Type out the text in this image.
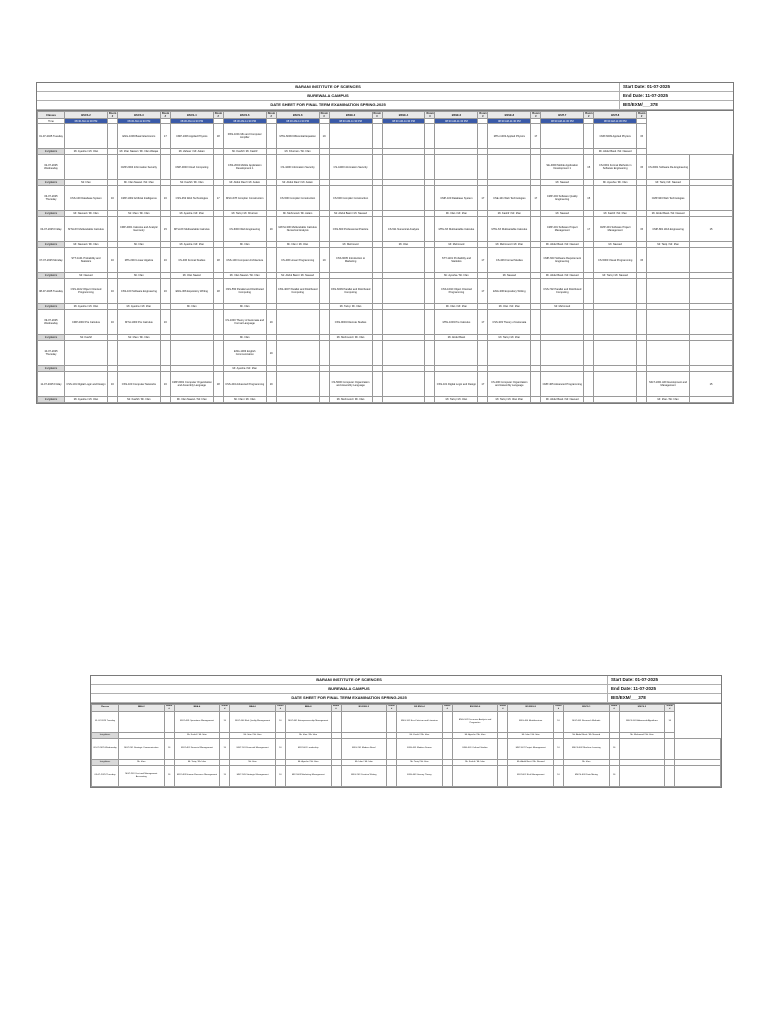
BARANI INSTITUTE OF SCIENCES	Start Date: 01-07-2025
BUREWALA CAMPUS	End Date: 11-07-2025
DATE SHEET FOR FINAL TERM EXAMINATION SPRING-2025	BIS/EXM/___378
Classes	BSCS-2	Room #	BSCS-3	Room #	BSCS-4	Room #	BSCS-6	Room #	BSCS-8	Room #	BSSE-2	Room #	BSSE-4	Room #	BSSE-6	Room #	BSSE-8	Room #	BSIT-7	Room #	BSIT-8	Room #		
Time	08:30 AM-11:30 PM		08:30 AM-11:30 PM		08:30 AM-11:30 PM		08:30 AM-11:30 PM		08:30 AM-11:30 PM		08:30 AM-11:30 PM		08:30 AM-11:30 PM		08:30 AM-11:30 PM		08:30 AM-11:30 PM		08:30 AM-11:30 PM		08:30 AM-11:30 PM			
01-07-2025 Tuesday			ENG-1006 Basic Electronics	17	CMP-1006 Applied Physics	18	DSS-1001 Mis and Computer Ampifier		MTH-6009 Differential Equation	19							MTH-1003 Applied Physics	17			CMP-6009 Applied Physics	15		
Invigilators	Mr. Ayesha / Mr. Irfan		Mr. Irfan Nawaz / Mr. Irfan Waqas		Mr. Zaheer / Mr. Aslam		Mr. Kashif / Mr. Kashif		Mr. Khurram / Mr. Irfan												Mr. Abdul Basit / Mr. Naveed			
02-07-2025 Wednesday			CMP-2004 Information Security		CMP-3003 Cloud Computing		CSS-2004 Mobile Application Development 1		CS-4400 Information Security		CS-4400 Information Security								SE-4009 Mobile Application Development 1	15	CS-6001 Formal Methods in Software Engineering	15	CS-6001 Software Re-Engineering	
Invigilators	Mr. Irfan		Mr. Irfan Nawaz / Mr. Irfan		Mr. Kashif / Mr. Irfan		Mr. Abdul Rauf / Mr. Aslam		Mr. Abdul Rauf / Mr. Aslam										Mr. Naveed		Mr. Ayesha / Mr. Irfan		Mr. Tariq / Mr. Naveed	
03-07-2025 Thursday	CSS-100 Database System	16	CMP-1002 Artificial Intelligence	16	CSS-452 Web Technologies	17	MSC-678 Complier Construction		CS-500 Compiler Construction		CS-500 Compiler Construction				CMP-100 Database System	17	CSE-101 Web Technologies	17	CMP-404 Software Quality Engineering	15			CMP-903 Web Technologies	
Invigilators	Mr. Naveed / Mr. Irfan		Mr. Irfan / Mr. Irfan		Mr. Ayesha / Mr. Irfan		Mr. Tariq / Mr. Khurram		Mr. Mehmood / Mr. Aslam		Mr. Abdul Basit / Mr. Naveed				Mr. Irfan / Mr. Irfan		Mr. Kashif / Mr. Irfan		Mr. Naveed		Mr. Kashif / Mr. Irfan		Mr. Abdul Basit / Mr. Naveed	
04-07-2025 Friday	MTH-6X Multivariable Calculus		CMP-4001 Calculus and Analytic Geometry	15	MTH-6X Multivariable Calculus		CS-6000 Web Engineering	19	MATH-300 Multivariable Calculus Numerical Analysis		CSS-660 Professional Practice		CS-511 Numerical Analysis		MTH-6X Multivariable Calculus		MTH-6X Multivariable Calculus		CMP-401 Software Project Management	17	CMP-401 Software Project Management	15	CMP-801 Web Engineering	15
Invigilators	Mr. Naveed / Mr. Irfan		Mr. Irfan		Mr. Ayesha / Mr. Irfan		Mr. Irfan		Mr. Irfan / Mr. Irfan		Mr. Mehmood		Mr. Irfan		Mr. Mehmood		Mr. Mehmood / Mr. Irfan		Mr. Abdul Basit / Mr. Naveed		Mr. Naveed		Mr. Tariq / Mr. Irfan	
07-07-2025 Monday	STT-1101 Probability and Statistics	16	MTH-603 Linear Algebra	16	CS-406 Formal Studies	18	CSS-100 Computer Architecture		CS-406 Linear Programming	19	CSS-6005 Introduction to Marketing				STT-1101 Probability and Statistics	17	CS-406 Formal Studies		CMP-603 Software Requirement Engineering		CS-5000 Visual Programming	15		
Invigilators	Mr. Naveed		Mr. Irfan		Mr. Irfan Nawaz		Mr. Irfan Nawaz / Mr. Irfan		Mr. Abdul Basit / Mr. Naveed						Mr. Ayesha / Mr. Irfan		Mr. Naveed		Mr. Abdul Basit / Mr. Naveed		Mr. Tariq / Mr. Naveed			
08-07-2025 Tuesday	CSS-1102 Object Oriented Programming	16	CSS-100 Software Engineering	16	ENG-306 Expository Writing	18	CSS-550 Parallel and Distributed Computing		CSS-4007 Parallel and Distributed Computing		CSS-6009 Parallel and Distributed Computing				CSS-1002 Object Oriented Programming	17	ENG-306 Expository Writing		CSS-702 Parallel and Distributed Computing					
Invigilators	Mr. Ayesha / Mr. Irfan		Mr. Ayesha / Mr. Irfan		Mr. Irfan		Mr. Irfan				Mr. Tariq / Mr. Irfan				Mr. Irfan / Mr. Irfan		Mr. Irfan / Mr. Irfan		Mr. Mehmood					
09-07-2025 Wednesday	CMP-2003 Pre Calculus	16	MTH-1003 Pre Calculus	16			CS-1000 Theory of Automata and Formal Language	19			CSS-9004 Discrete Studies				MTH-1003 Pre Calculus	17	CSS-303 Theory of Automata							
Invigilators	Mr. Kashif		Mr. Irfan / Mr. Irfan				Mr. Irfan				Mr. Mehmood / Mr. Irfan				Mr. Abdul Basit		Mr. Tariq / Mr. Irfan							
10-07-2025 Thursday							ENG-1003 English Communication	19																
Invigilators							Mr. Ayesha / Mr. Irfan																	
11-07-2025 Friday	CSS-101 Digital Logic and Design	16	CSS-100 Computer Networks	16	CMP-6001 Computer Organization and Assembly Language	18	CSS-404 Advanced Programming	19			CS-5000 Computer Organization and Assembly Language				CSS-101 Digital Logic and Design	17	CS-200 Computer Organization and Assembly Language		CMP-405 Advanced Programming				MGT-1001 HR Development and Management	15
Invigilators	Mr. Ayesha / Mr. Irfan		Mr. Kashif / Mr. Irfan		Mr. Irfan Nawaz / Mr. Irfan		Mr. Irfan / Mr. Irfan				Mr. Mehmood / Mr. Irfan				Mr. Tariq / Mr. Irfan		Mr. Tariq / Mr. Irfan Irfan		Mr. Abdul Basit / Mr. Naveed				Mr. Irfan / Mr. Irfan	
BARANI INSTITUTE OF SCIENCES	Start Date: 01-07-2025
BUREWALA CAMPUS	End Date: 11-07-2025
DATE SHEET FOR FINAL TERM EXAMINATION SPRING-2025	BIS/EXM/___378
Classes	BBA-2	Room #	BBA-4	Room #	BBA-6	Room #	BBA-8	Room #	BS ENG-2	Room #	BS ENG-4	Room #	BS ENG-6	Room #	BS ENG-8	Room #	MSCS-1	Room #	MSCS-2	Room #	
01-07-2025 Tuesday			MGT-403 Operations Management	15	MGT-404 Risk Quality Management	16	MGT-601 Entrepreneurship Management				ENG-101 Eco-Criticism and Literature		ENG-102 Discourse Analysis and Pragmatics		ENG-404 Metaliterature	16	MGT-601 Research Methods		MSCS-601 Advanced Algorithms	16	
Invigilators			Mr. Kashif / Mr. Irfan		Mr. Irfan / Mr. Irfan		Mr. Irfan / Mr. Irfan				Mr. Kashif / Mr. Irfan		Mr. Ayesha / Mr. Irfan		Mr. Irfan / Mr. Irfan		Mr. Abdul Basit / Mr. Naveed		Mr. Mehmood / Mr. Irfan		
02-07-2025 Wednesday	MGT-201 Strategic Communication	16	MGT-401 Financial Management	15	MGT-501 Financial Management	16	MGT-601 Leadership		ENG-201 Modern Novel		ENG-401 Modern Drama		ENG-601 Cultural Studies		MGT-607 Project Management	16	MSCS-602 Machine Learning	16			
Invigilators	Mr. Irfan		Mr. Tariq / Mr. Irfan		Mr. Irfan		Mr. Ayesha / Mr. Irfan		Mr. Irfan / Mr. Irfan		Mr. Tariq / Mr. Irfan		Mr. Kashif / Mr. Irfan		Mr. Abdul Basit / Mr. Naveed		Mr. Irfan				
03-07-2025 Thursday	MGT-203 Cost and Management Accounting	16	MGT-403 Human Resource Management	15	MGT-505 Strategic Management	16	MGT-603 Marketing Management		ENG-203 Creative Writing		ENG-403 Literary Theory				MGT-601 Risk Management	16	MSCS-603 Data Mining	16			
